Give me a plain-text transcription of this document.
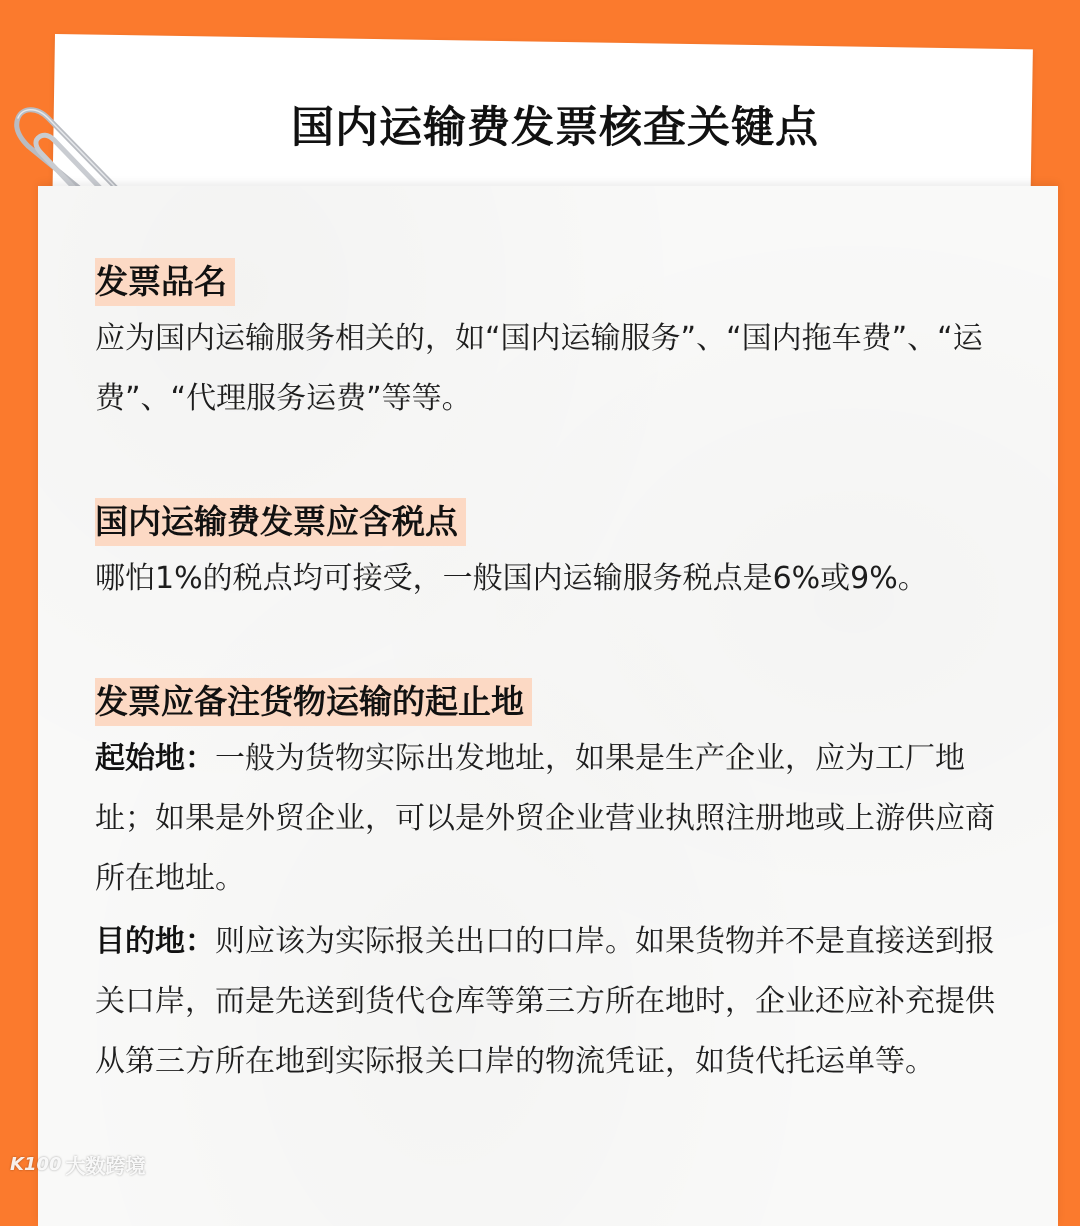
国内运输费发票核查关键点
发票品名

应为国内运输服务相关的，如“国内运输服务”、“国内拖车费”、“运费”、“代理服务运费”等等。

国内运输费发票应含税点

哪怕1%的税点均可接受，一般国内运输服务税点是6%或9%。

发票应备注货物运输的起止地

起始地：一般为货物实际出发地址，如果是生产企业，应为工厂地址；如果是外贸企业，可以是外贸企业营业执照注册地或上游供应商所在地址。

目的地：则应该为实际报关出口的口岸。如果货物并不是直接送到报关口岸，而是先送到货代仓库等第三方所在地时，企业还应补充提供从第三方所在地到实际报关口岸的物流凭证，如货代托运单等。

K100 大数跨境
